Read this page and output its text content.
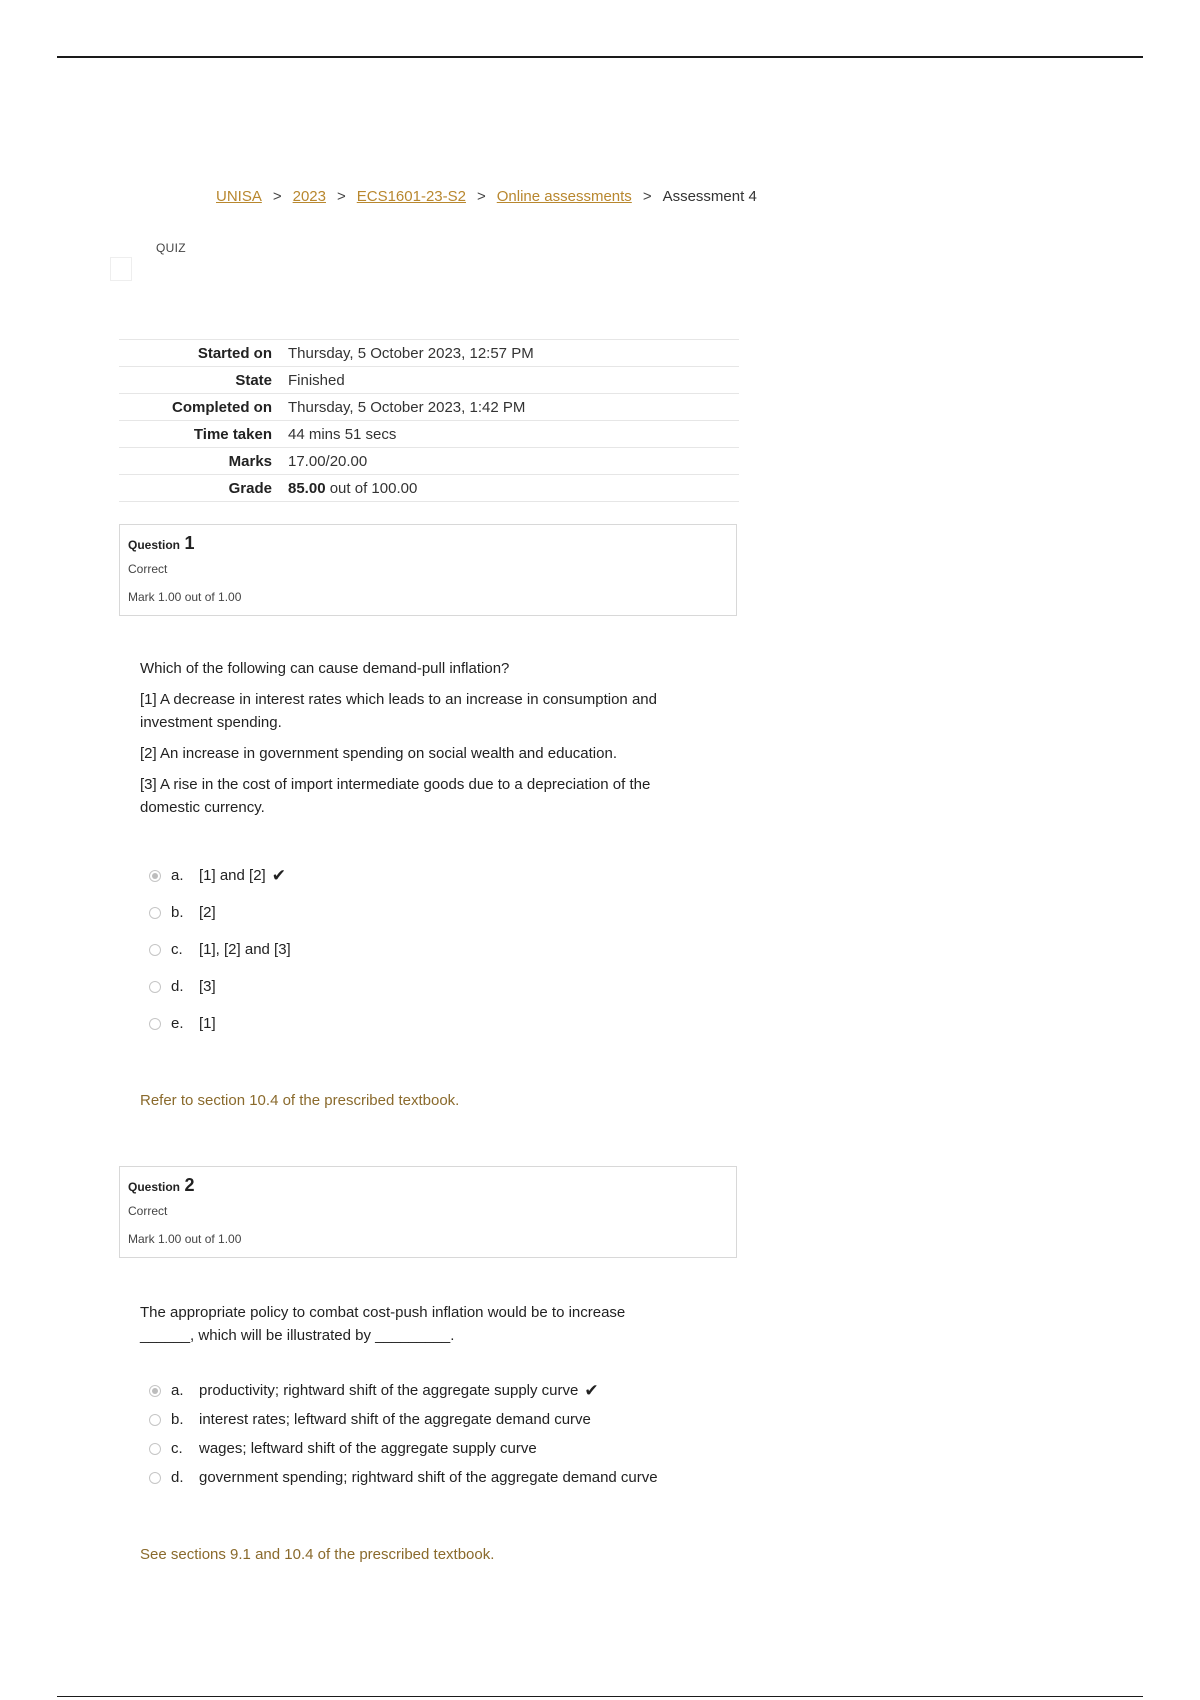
UNISA > 2023 > ECS1601-23-S2 > Online assessments > Assessment 4
QUIZ
Started on	Thursday, 5 October 2023, 12:57 PM
State	Finished
Completed on	Thursday, 5 October 2023, 1:42 PM
Time taken	44 mins 51 secs
Marks	17.00/20.00
Grade	85.00 out of 100.00
Question 1
Correct
Mark 1.00 out of 1.00

Which of the following can cause demand-pull inflation?

[1] A decrease in interest rates which leads to an increase in consumption and investment spending.

[2] An increase in government spending on social wealth and education.

[3] A rise in the cost of import intermediate goods due to a depreciation of the domestic currency.

a.	[1] and [2] ✔
b.	[2]
c.	[1], [2] and [3]
d.	[3]
e.	[1]
Refer to section 10.4 of the prescribed textbook.
Question 2
Correct
Mark 1.00 out of 1.00

The appropriate policy to combat cost-push inflation would be to increase ______, which will be illustrated by _________.

a.	productivity; rightward shift of the aggregate supply curve ✔
b.	interest rates; leftward shift of the aggregate demand curve
c.	wages; leftward shift of the aggregate supply curve
d.	government spending; rightward shift of the aggregate demand curve
See sections 9.1 and 10.4 of the prescribed textbook.
